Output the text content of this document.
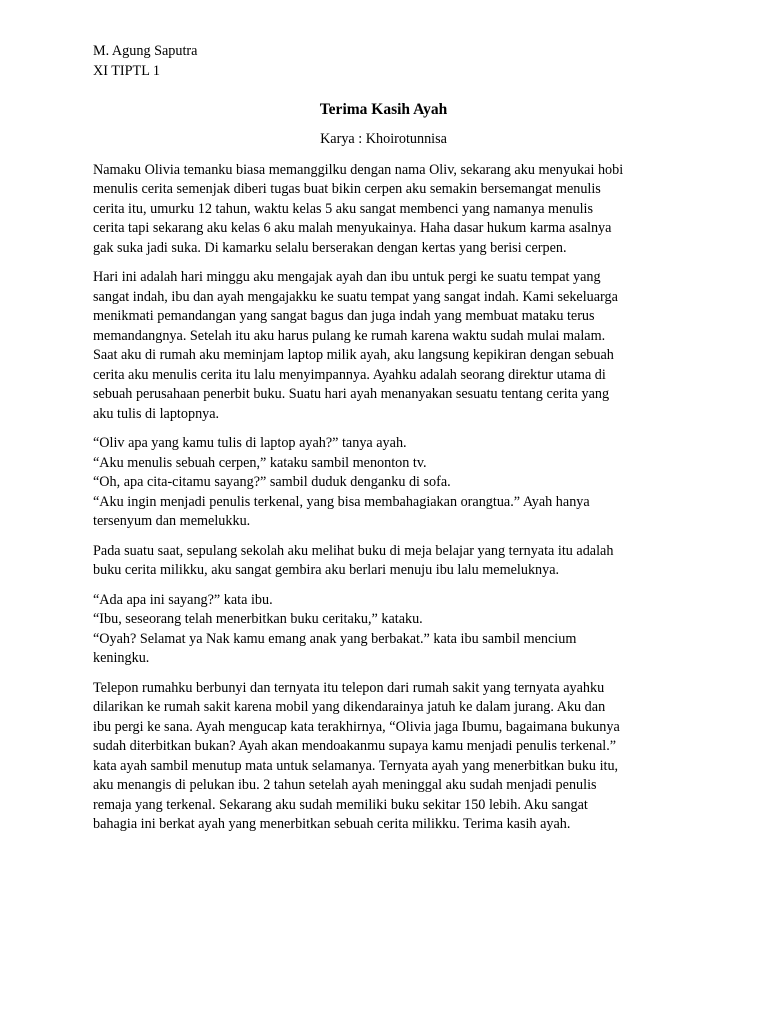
M. Agung Saputra
XI TIPTL 1
Terima Kasih Ayah
Karya : Khoirotunnisa
Namaku Olivia temanku biasa memanggilku dengan nama Oliv, sekarang aku menyukai hobi
menulis cerita semenjak diberi tugas buat bikin cerpen aku semakin bersemangat menulis
cerita itu, umurku 12 tahun, waktu kelas 5 aku sangat membenci yang namanya menulis
cerita tapi sekarang aku kelas 6 aku malah menyukainya. Haha dasar hukum karma asalnya
gak suka jadi suka. Di kamarku selalu berserakan dengan kertas yang berisi cerpen.
Hari ini adalah hari minggu aku mengajak ayah dan ibu untuk pergi ke suatu tempat yang
sangat indah, ibu dan ayah mengajakku ke suatu tempat yang sangat indah. Kami sekeluarga
menikmati pemandangan yang sangat bagus dan juga indah yang membuat mataku terus
memandangnya. Setelah itu aku harus pulang ke rumah karena waktu sudah mulai malam.
Saat aku di rumah aku meminjam laptop milik ayah, aku langsung kepikiran dengan sebuah
cerita aku menulis cerita itu lalu menyimpannya. Ayahku adalah seorang direktur utama di
sebuah perusahaan penerbit buku. Suatu hari ayah menanyakan sesuatu tentang cerita yang
aku tulis di laptopnya.
“Oliv apa yang kamu tulis di laptop ayah?” tanya ayah.
“Aku menulis sebuah cerpen,” kataku sambil menonton tv.
“Oh, apa cita-citamu sayang?” sambil duduk denganku di sofa.
“Aku ingin menjadi penulis terkenal, yang bisa membahagiakan orangtua.” Ayah hanya
tersenyum dan memelukku.
Pada suatu saat, sepulang sekolah aku melihat buku di meja belajar yang ternyata itu adalah
buku cerita milikku, aku sangat gembira aku berlari menuju ibu lalu memeluknya.
“Ada apa ini sayang?” kata ibu.
“Ibu, seseorang telah menerbitkan buku ceritaku,” kataku.
“Oyah? Selamat ya Nak kamu emang anak yang berbakat.” kata ibu sambil mencium
keningku.
Telepon rumahku berbunyi dan ternyata itu telepon dari rumah sakit yang ternyata ayahku
dilarikan ke rumah sakit karena mobil yang dikendarainya jatuh ke dalam jurang. Aku dan
ibu pergi ke sana. Ayah mengucap kata terakhirnya, “Olivia jaga Ibumu, bagaimana bukunya
sudah diterbitkan bukan? Ayah akan mendoakanmu supaya kamu menjadi penulis terkenal.”
kata ayah sambil menutup mata untuk selamanya. Ternyata ayah yang menerbitkan buku itu,
aku menangis di pelukan ibu. 2 tahun setelah ayah meninggal aku sudah menjadi penulis
remaja yang terkenal. Sekarang aku sudah memiliki buku sekitar 150 lebih. Aku sangat
bahagia ini berkat ayah yang menerbitkan sebuah cerita milikku. Terima kasih ayah.
